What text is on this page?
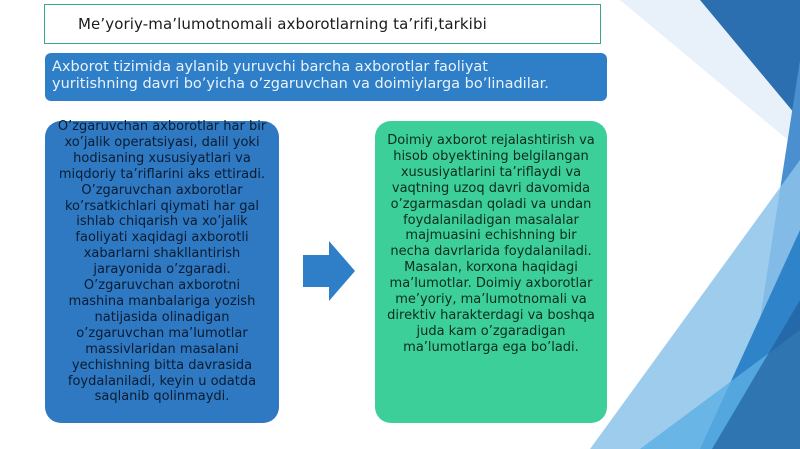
Me’yoriy-ma’lumotnomali axborotlarning ta’rifi,tarkibi
Axborot tizimida aylanib yuruvchi barcha axborotlar faoliyat
yuritishning davri bo’yicha o’zgaruvchan va doimiylarga bo’linadilar.
O’zgaruvchan axborotlar har bir xo’jalik operatsiyasi, dalil yoki hodisaning xususiyatlari va miqdoriy ta’riflarini aks ettiradi. O’zgaruvchan axborotlar ko’rsatkichlari qiymati har gal ishlab chiqarish va xo’jalik faoliyati xaqidagi axborotli xabarlarni shakllantirish jarayonida o’zgaradi. O’zgaruvchan axborotni mashina manbalariga yozish natijasida olinadigan o’zgaruvchan ma’lumotlar massivlaridan masalani yechishning bitta davrasida foydalaniladi, keyin u odatda saqlanib qolinmaydi.
Doimiy axborot rejalashtirish va hisob obyektining belgilangan xususiyatlarini ta’riflaydi va vaqtning uzoq davri davomida o’zgarmasdan qoladi va undan foydalaniladigan masalalar majmuasini echishning bir necha davrlarida foydalaniladi. Masalan, korxona haqidagi ma’lumotlar. Doimiy axborotlar me’yoriy, ma’lumotnomali va direktiv harakterdagi va boshqa juda kam o’zgaradigan ma’lumotlarga ega bo’ladi.
